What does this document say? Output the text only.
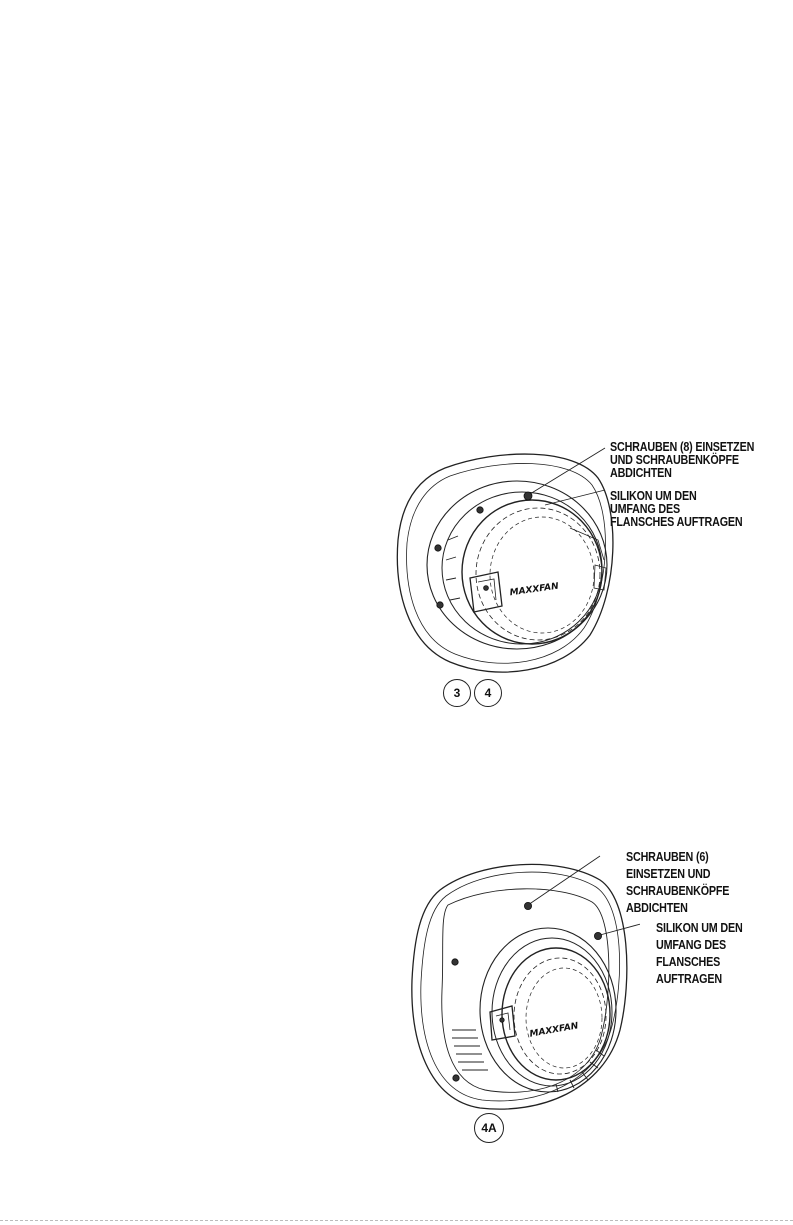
MAXXFAN
SCHRAUBEN (8) EINSETZEN
UND SCHRAUBENKÖPFE
ABDICHTEN
SILIKON UM DEN
UMFANG DES
FLANSCHES AUFTRAGEN
3	4
MAXXFAN
SCHRAUBEN (6)
EINSETZEN UND
SCHRAUBENKÖPFE
ABDICHTEN
SILIKON UM DEN
UMFANG DES
FLANSCHES
AUFTRAGEN
4A
